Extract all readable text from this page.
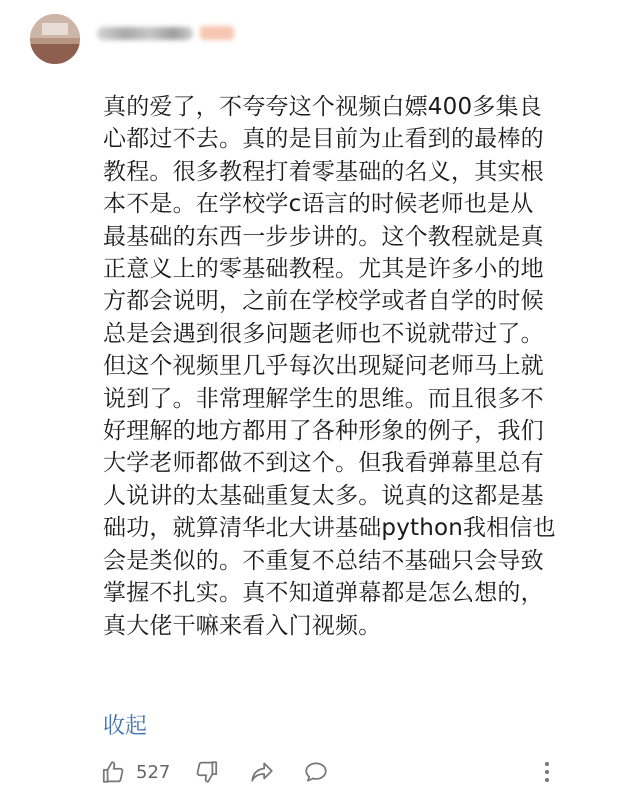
真的爱了，不夸夸这个视频白嫖400多集良
心都过不去。真的是目前为止看到的最棒的
教程。很多教程打着零基础的名义，其实根
本不是。在学校学c语言的时候老师也是从
最基础的东西一步步讲的。这个教程就是真
正意义上的零基础教程。尤其是许多小的地
方都会说明，之前在学校学或者自学的时候
总是会遇到很多问题老师也不说就带过了。
但这个视频里几乎每次出现疑问老师马上就
说到了。非常理解学生的思维。而且很多不
好理解的地方都用了各种形象的例子，我们
大学老师都做不到这个。但我看弹幕里总有
人说讲的太基础重复太多。说真的这都是基
础功，就算清华北大讲基础python我相信也
会是类似的。不重复不总结不基础只会导致
掌握不扎实。真不知道弹幕都是怎么想的，
真大佬干嘛来看入门视频。
收起
527
